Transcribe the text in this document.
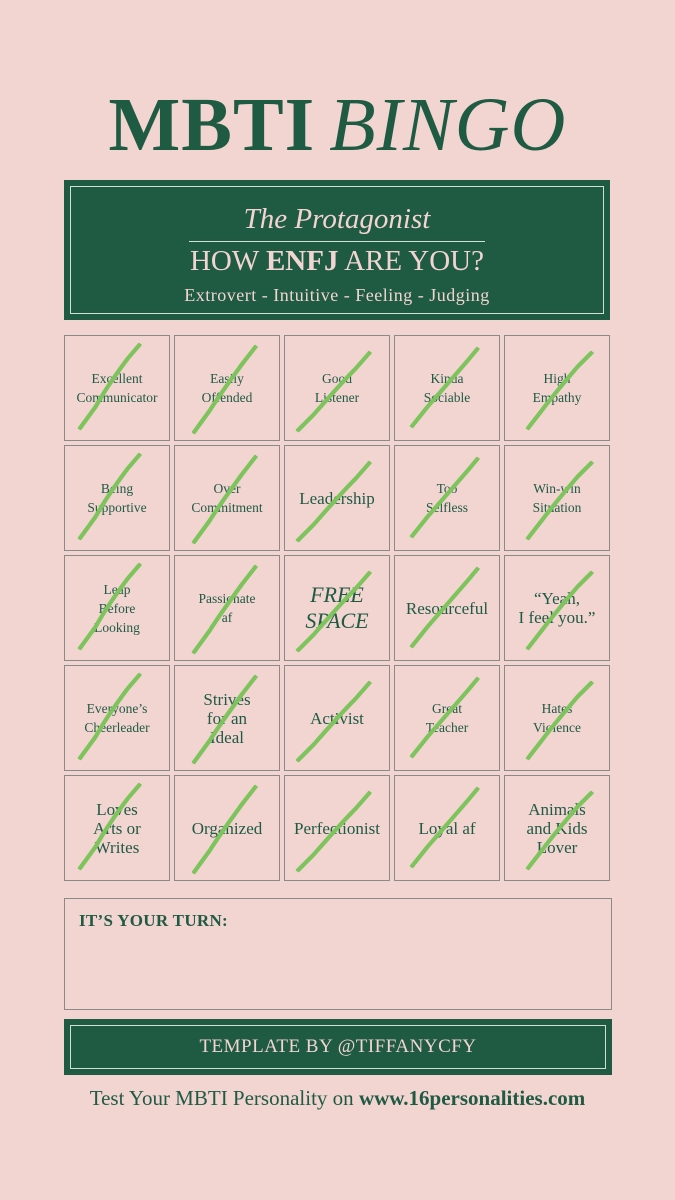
MBTI BINGO
The Protagonist
HOW ENFJ ARE YOU?
Extrovert - Intuitive - Feeling - Judging
Excellent
Communicator
Easily
Offended
Good
Listener
Kinda
Sociable
High
Empathy
Being
Supportive
Over
Commitment Leadership	Too
Selfless
Win-win
Situation
Leap
Before
Looking
Passionate
af
FREE
SPACE Resourceful	“Yeah,
I feel you.”
Everyone’s
Cheerleader
Strives
for an
Ideal
Activist	Great
Teacher
Hates
Violence
Loves
Arts or
Writes
Organized Perfectionist Loyal af
Animals
and Kids
Lover
IT’S YOUR TURN:
TEMPLATE BY @TIFFANYCFY
Test Your MBTI Personality on www.16personalities.com
